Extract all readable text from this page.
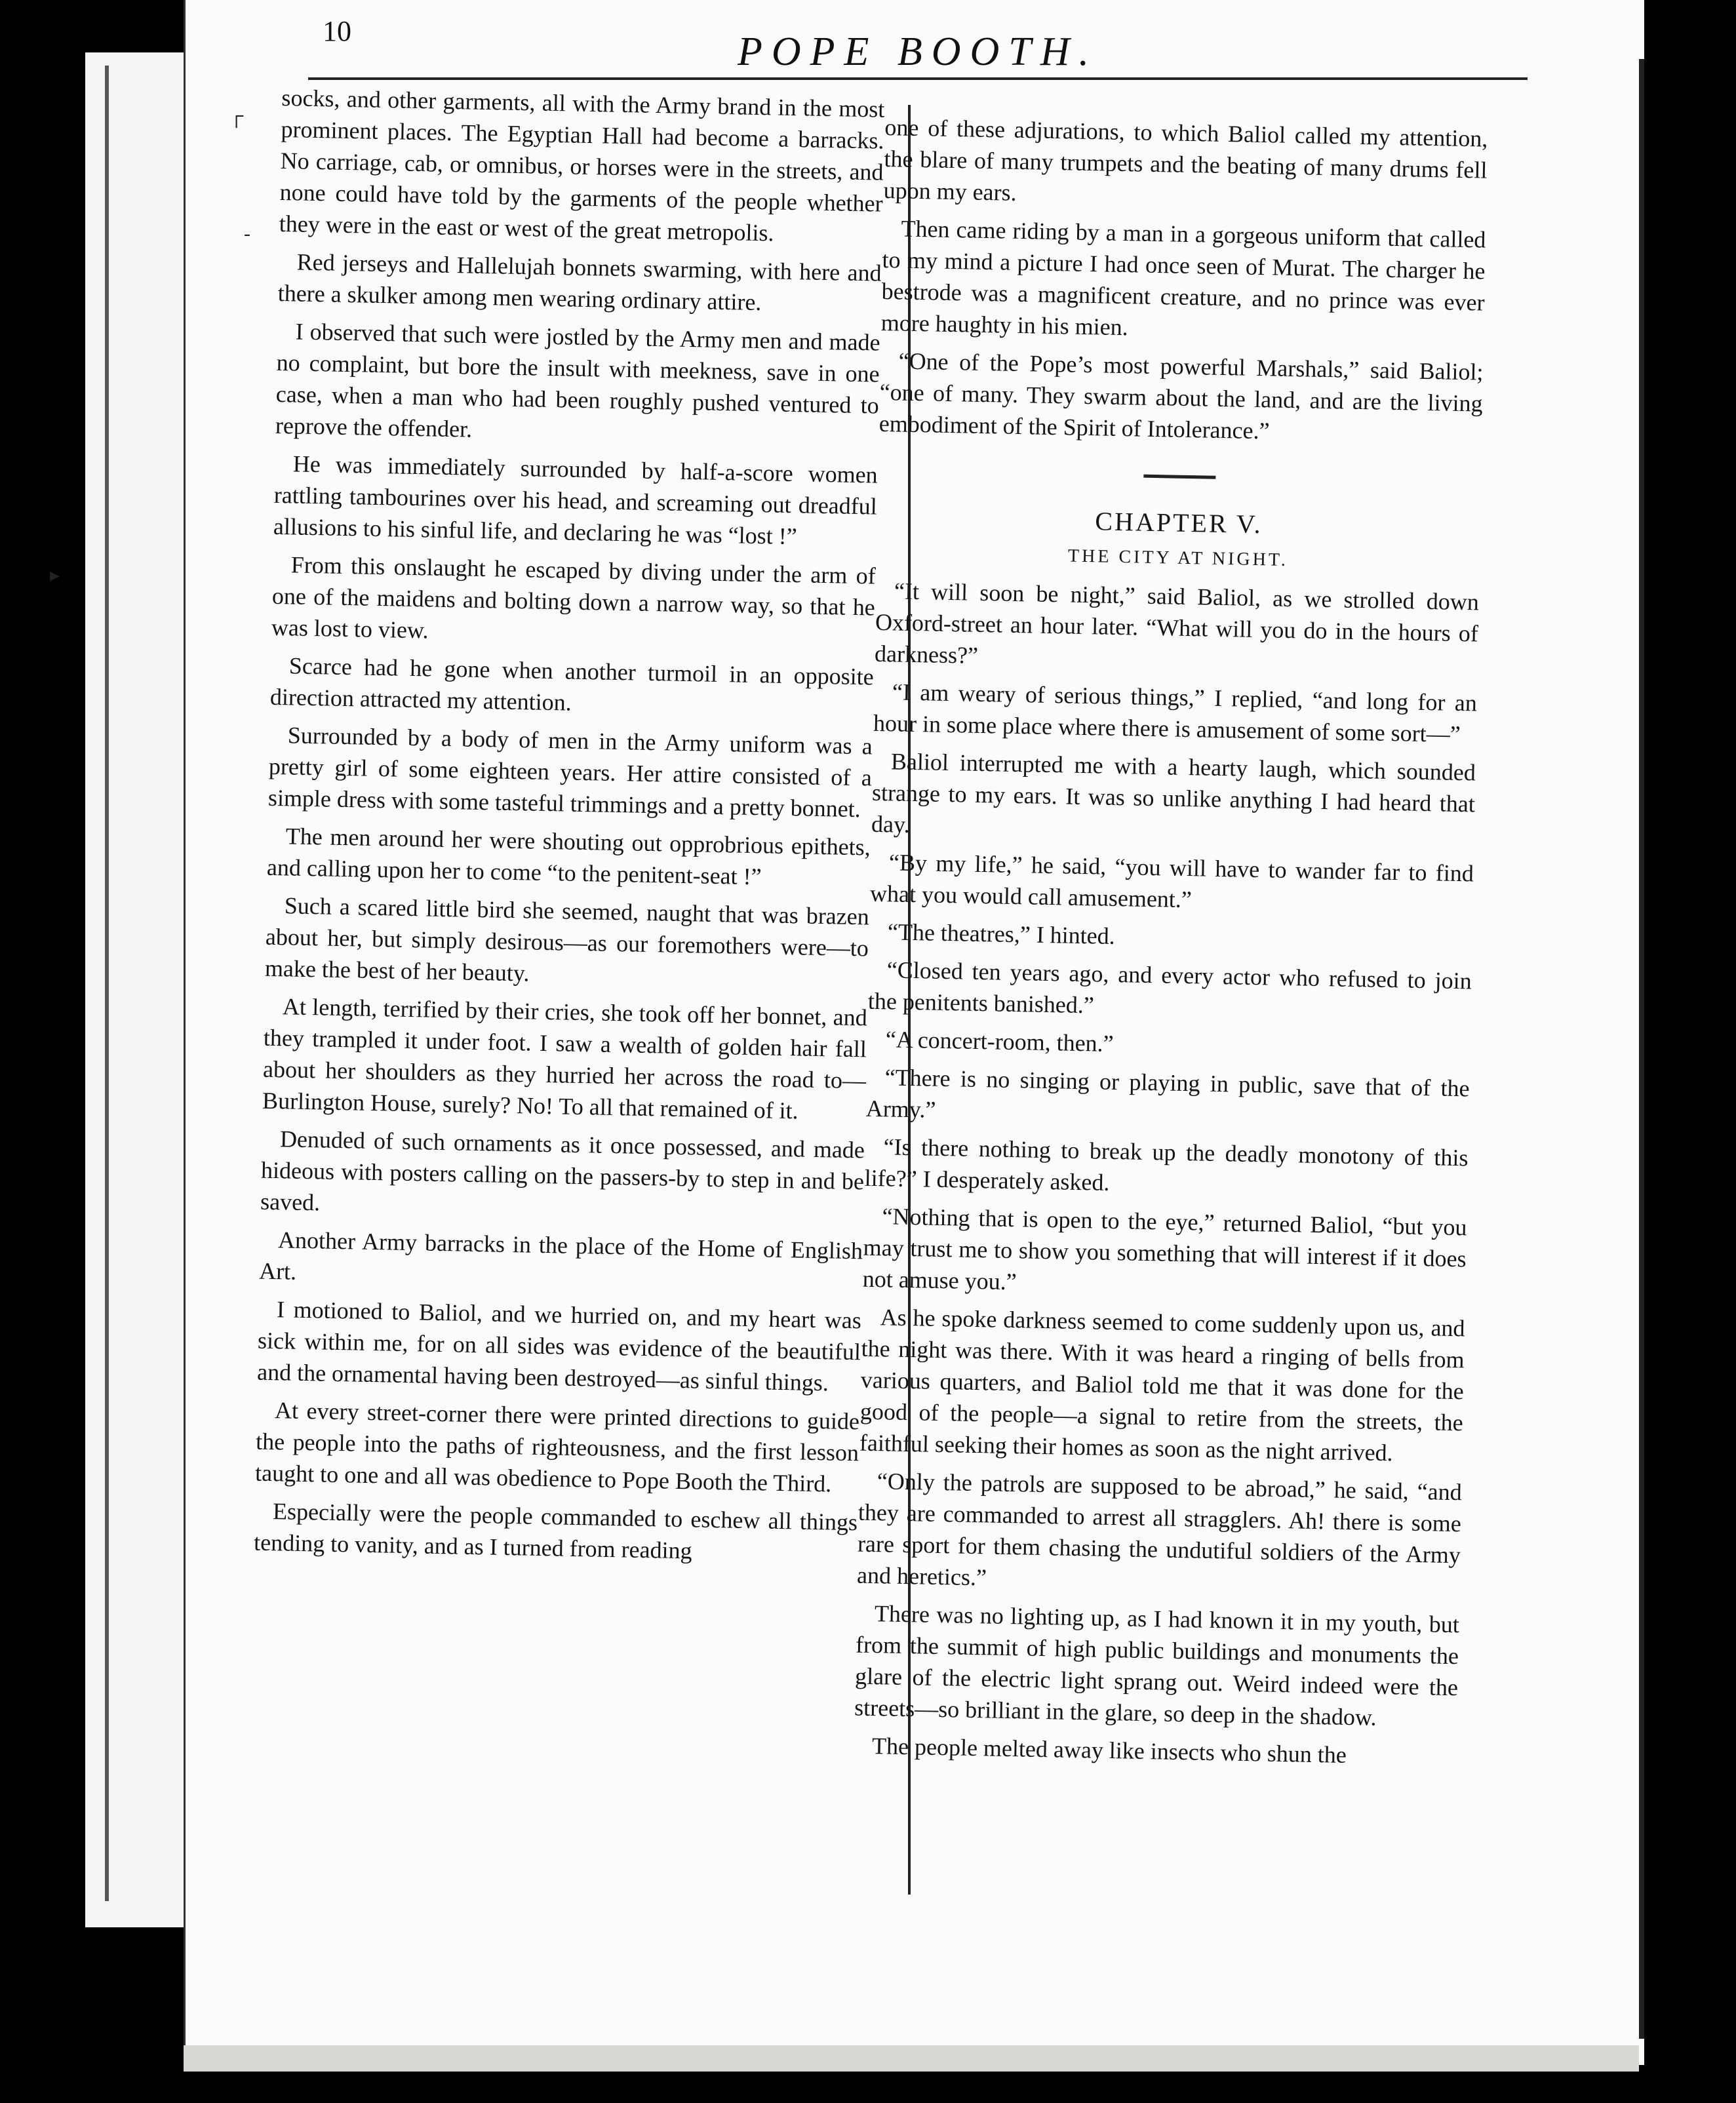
┌
-
▸
10	POPE BOOTH.

socks, and other garments, all with the Army brand in the most prominent places. The Egyptian Hall had become a barracks. No carriage, cab, or omnibus, or horses were in the streets, and none could have told by the garments of the people whether they were in the east or west of the great metropolis.

Red jerseys and Hallelujah bonnets swarming, with here and there a skulker among men wearing ordinary attire.

I observed that such were jostled by the Army men and made no complaint, but bore the insult with meekness, save in one case, when a man who had been roughly pushed ventured to reprove the offender.

He was immediately surrounded by half-a-score women rattling tambourines over his head, and screaming out dreadful allusions to his sinful life, and declaring he was “lost !”

From this onslaught he escaped by diving under the arm of one of the maidens and bolting down a narrow way, so that he was lost to view.

Scarce had he gone when another turmoil in an opposite direction attracted my attention.

Surrounded by a body of men in the Army uniform was a pretty girl of some eighteen years. Her attire consisted of a simple dress with some tasteful trimmings and a pretty bonnet.

The men around her were shouting out opprobrious epithets, and calling upon her to come “to the penitent-seat !”

Such a scared little bird she seemed, naught that was brazen about her, but simply desirous—as our foremothers were—to make the best of her beauty.

At length, terrified by their cries, she took off her bonnet, and they trampled it under foot. I saw a wealth of golden hair fall about her shoulders as they hurried her across the road to— Burlington House, surely? No! To all that remained of it.

Denuded of such ornaments as it once possessed, and made hideous with posters calling on the passers-by to step in and be saved.

Another Army barracks in the place of the Home of English Art.

I motioned to Baliol, and we hurried on, and my heart was sick within me, for on all sides was evidence of the beautiful and the ornamental having been destroyed—as sinful things.

At every street-corner there were printed directions to guide the people into the paths of righteousness, and the first lesson taught to one and all was obedience to Pope Booth the Third.

Especially were the people commanded to eschew all things tending to vanity, and as I turned from reading

one of these adjurations, to which Baliol called my attention, the blare of many trumpets and the beating of many drums fell upon my ears.

Then came riding by a man in a gorgeous uniform that called to my mind a picture I had once seen of Murat. The charger he bestrode was a magnificent creature, and no prince was ever more haughty in his mien.

“One of the Pope’s most powerful Marshals,” said Baliol; “one of many. They swarm about the land, and are the living embodiment of the Spirit of Intolerance.”

CHAPTER V.
THE CITY AT NIGHT.

“It will soon be night,” said Baliol, as we strolled down Oxford-street an hour later. “What will you do in the hours of darkness?”

“I am weary of serious things,” I replied, “and long for an hour in some place where there is amusement of some sort—”

Baliol interrupted me with a hearty laugh, which sounded strange to my ears. It was so unlike anything I had heard that day.

“By my life,” he said, “you will have to wander far to find what you would call amusement.”

“The theatres,” I hinted.

“Closed ten years ago, and every actor who refused to join the penitents banished.”

“A concert-room, then.”

“There is no singing or playing in public, save that of the Army.”

“Is there nothing to break up the deadly monotony of this life?” I desperately asked.

“Nothing that is open to the eye,” returned Baliol, “but you may trust me to show you something that will interest if it does not amuse you.”

As he spoke darkness seemed to come suddenly upon us, and the night was there. With it was heard a ringing of bells from various quarters, and Baliol told me that it was done for the good of the people—a signal to retire from the streets, the faithful seeking their homes as soon as the night arrived.

“Only the patrols are supposed to be abroad,” he said, “and they are commanded to arrest all stragglers. Ah! there is some rare sport for them chasing the undutiful soldiers of the Army and heretics.”

There was no lighting up, as I had known it in my youth, but from the summit of high public buildings and monuments the glare of the electric light sprang out. Weird indeed were the streets—so brilliant in the glare, so deep in the shadow.

The people melted away like insects who shun the
